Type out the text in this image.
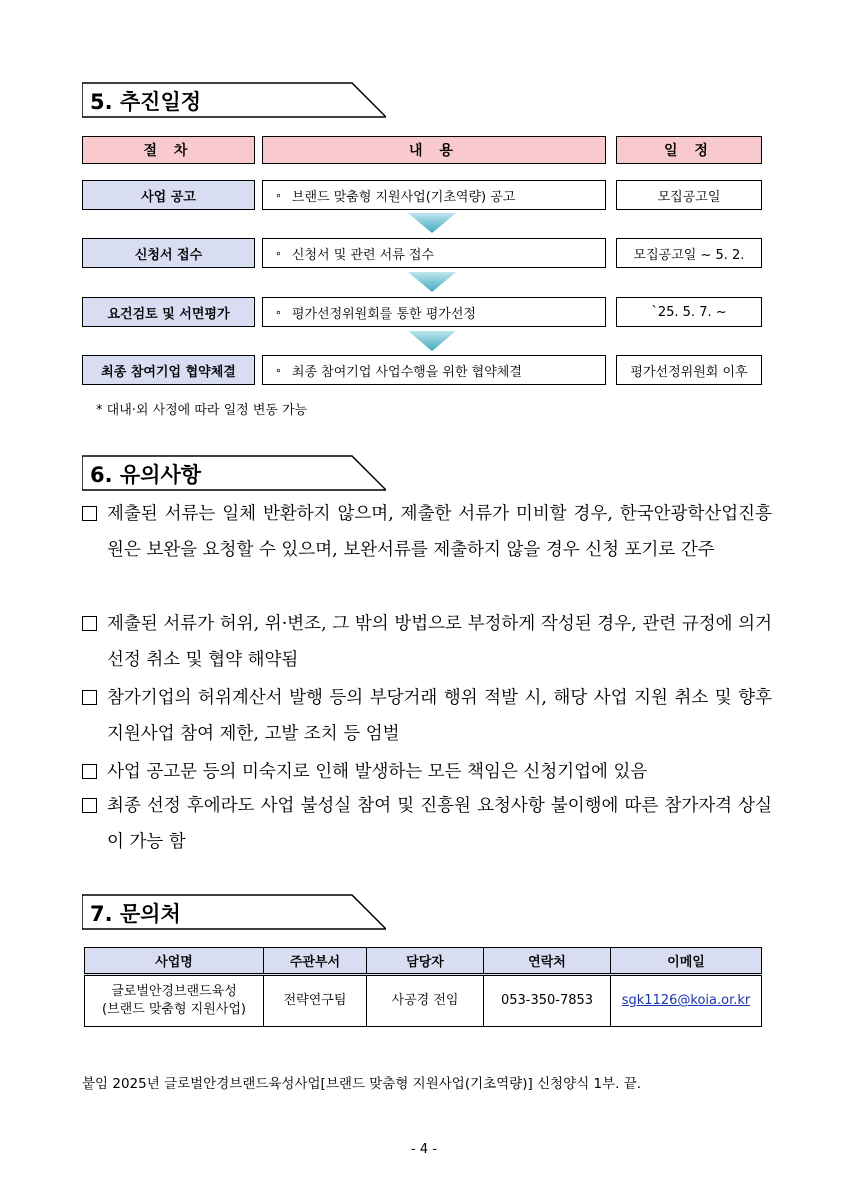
5. 추진일정
절 차	내 용	일 정
사업 공고	∘ 브랜드 맞춤형 지원사업(기초역량) 공고	모집공고일
신청서 접수	∘ 신청서 및 관련 서류 접수	모집공고일 ~ 5. 2.
요건검토 및 서면평가	∘ 평가선정위원회를 통한 평가선정	`25. 5. 7. ~
최종 참여기업 협약체결	∘ 최종 참여기업 사업수행을 위한 협약체결	평가선정위원회 이후
* 대내·외 사정에 따라 일정 변동 가능
6. 유의사항
제출된 서류는 일체 반환하지 않으며, 제출한 서류가 미비할 경우, 한국안광학산업진흥원은 보완을 요청할 수 있으며, 보완서류를 제출하지 않을 경우 신청 포기로 간주
제출된 서류가 허위, 위·변조, 그 밖의 방법으로 부정하게 작성된 경우, 관련 규정에 의거 선정 취소 및 협약 해약됨
참가기업의 허위계산서 발행 등의 부당거래 행위 적발 시, 해당 사업 지원 취소 및 향후 지원사업 참여 제한, 고발 조치 등 엄벌
사업 공고문 등의 미숙지로 인해 발생하는 모든 책임은 신청기업에 있음
최종 선정 후에라도 사업 불성실 참여 및 진흥원 요청사항 불이행에 따른 참가자격 상실이 가능 함
7. 문의처
사업명	주관부서	담당자	연락처	이메일

글로벌안경브랜드육성
(브랜드 맞춤형 지원사업)	전략연구팀	사공경 전임	053-350-7853	sgk1126@koia.or.kr
붙임 2025년 글로벌안경브랜드육성사업[브랜드 맞춤형 지원사업(기초역량)] 신청양식 1부. 끝.
- 4 -
